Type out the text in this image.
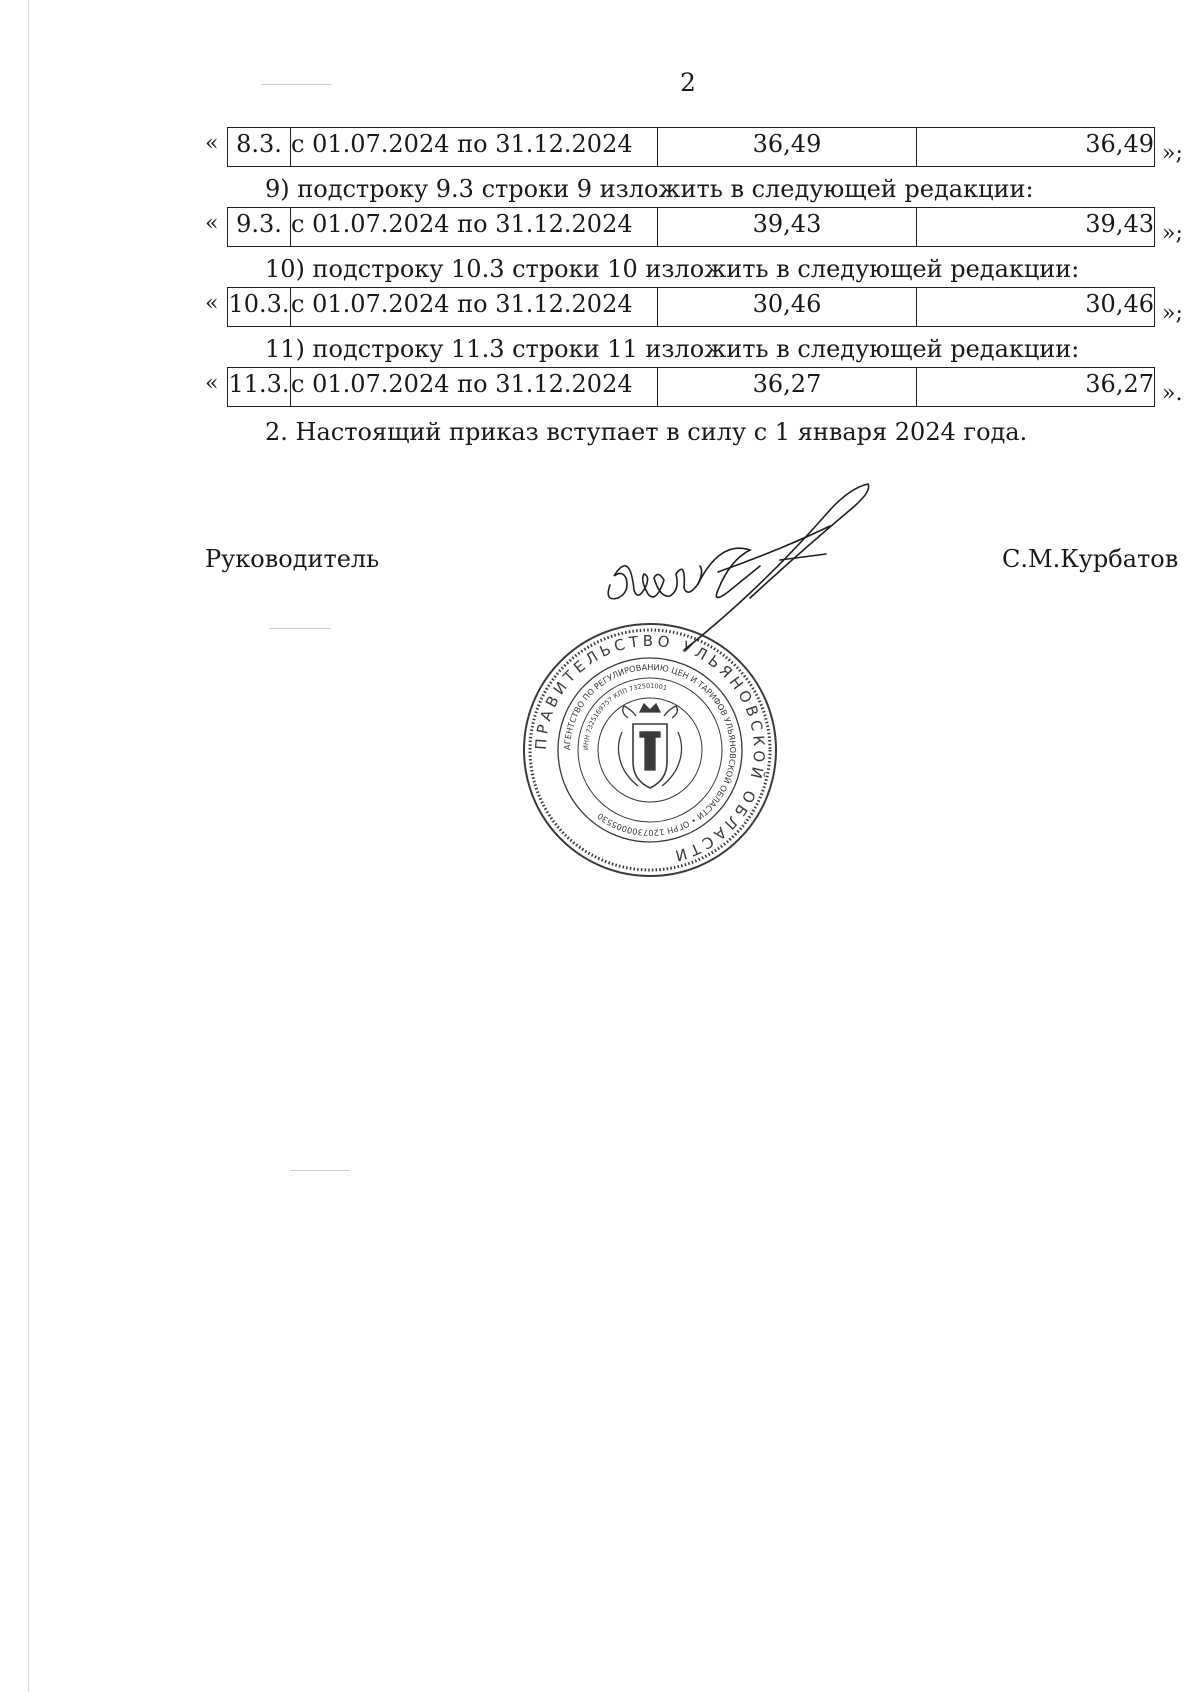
2
« 8.3.	с 01.07.2024 по 31.12.2024	36,49	36,49 »;
9) подстроку 9.3 строки 9 изложить в следующей редакции:
« 9.3.	с 01.07.2024 по 31.12.2024	39,43	39,43 »;
10) подстроку 10.3 строки 10 изложить в следующей редакции:
« 10.3.	с 01.07.2024 по 31.12.2024	30,46	30,46 »;
11) подстроку 11.3 строки 11 изложить в следующей редакции:
« 11.3.	с 01.07.2024 по 31.12.2024	36,27	36,27 ».
2. Настоящий приказ вступает в силу с 1 января 2024 года.
Руководитель	С.М.Курбатов
ПРАВИТЕЛЬСТВО УЛЬЯНОВСКОЙ ОБЛАСТИ
АГЕНТСТВО ПО РЕГУЛИРОВАНИЮ ЦЕН И ТАРИФОВ УЛЬЯНОВСКОЙ ОБЛАСТИ • ОГРН 1207300005530
ИНН 7325169757 КПП 732501001
